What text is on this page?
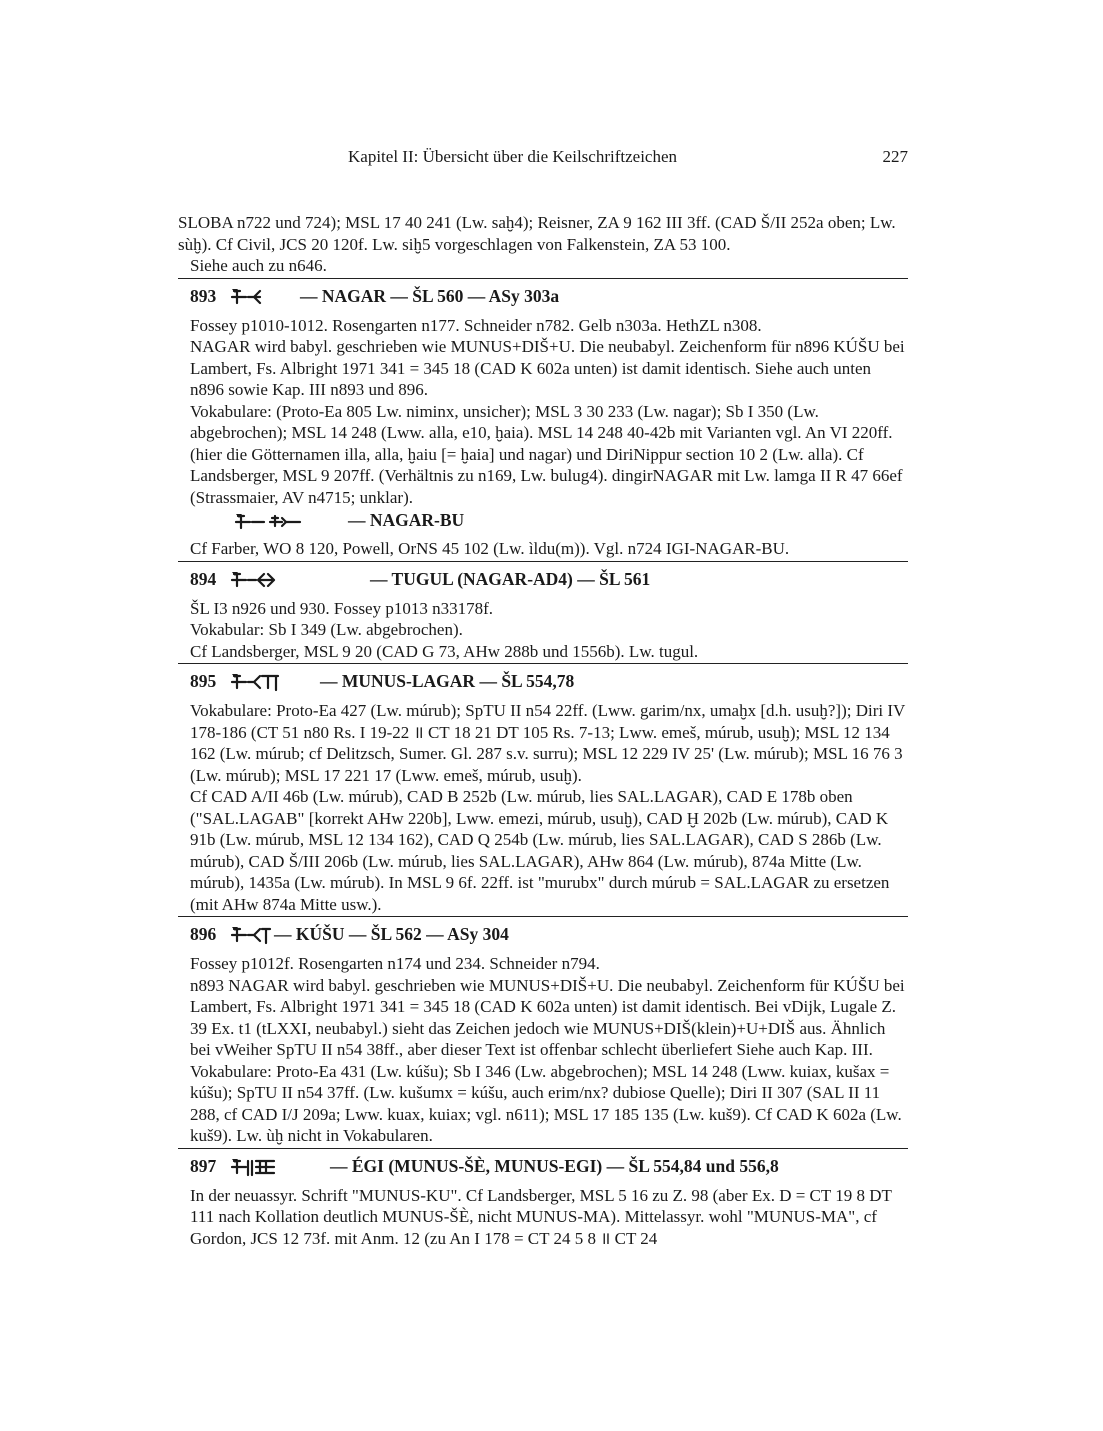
Kapitel II: Übersicht über die Keilschriftzeichen	227

SLOBA n722 und 724); MSL 17 40 241 (Lw. saḫ4); Reisner, ZA 9 162 III 3ff. (CAD Š/II 252a oben; Lw. sùḫ). Cf Civil, JCS 20 120f. Lw. siḫ5 vorgeschlagen von Falkenstein, ZA 53 100.

Siehe auch zu n646.

893	— NAGAR — ŠL 560 — ASy 303a

Fossey p1010-1012. Rosengarten n177. Schneider n782. Gelb n303a. HethZL n308.

NAGAR wird babyl. geschrieben wie MUNUS+DIŠ+U. Die neubabyl. Zeichenform für n896 KÚŠU bei Lambert, Fs. Albright 1971 341 = 345 18 (CAD K 602a unten) ist damit identisch. Siehe auch unten n896 sowie Kap. III n893 und 896.

Vokabulare: (Proto-Ea 805 Lw. niminx, unsicher); MSL 3 30 233 (Lw. nagar); Sb I 350 (Lw. abgebrochen); MSL 14 248 (Lww. alla, e10, ḫaia). MSL 14 248 40-42b mit Varianten vgl. An VI 220ff. (hier die Götternamen illa, alla, ḫaiu [= ḫaia] und nagar) und DiriNippur section 10 2 (Lw. alla). Cf Landsberger, MSL 9 207ff. (Verhältnis zu n169, Lw. bulug4). dingirNAGAR mit Lw. lamga II R 47 66ef (Strassmaier, AV n4715; unklar).

— NAGAR-BU

Cf Farber, WO 8 120, Powell, OrNS 45 102 (Lw. ìldu(m)). Vgl. n724 IGI-NAGAR-BU.

894	— TUGUL (NAGAR-AD4) — ŠL 561

ŠL I3 n926 und 930. Fossey p1013 n33178f.

Vokabular: Sb I 349 (Lw. abgebrochen).

Cf Landsberger, MSL 9 20 (CAD G 73, AHw 288b und 1556b). Lw. tugul.

895	— MUNUS-LAGAR — ŠL 554,78

Vokabulare: Proto-Ea 427 (Lw. múrub); SpTU II n54 22ff. (Lww. garim/nx, umaḫx [d.h. usuḫ?]); Diri IV 178-186 (CT 51 n80 Rs. I 19-22 ॥ CT 18 21 DT 105 Rs. 7-13; Lww. emeš, múrub, usuḫ); MSL 12 134 162 (Lw. múrub; cf Delitzsch, Sumer. Gl. 287 s.v. surru); MSL 12 229 IV 25' (Lw. múrub); MSL 16 76 3 (Lw. múrub); MSL 17 221 17 (Lww. emeš, múrub, usuḫ).

Cf CAD A/II 46b (Lw. múrub), CAD B 252b (Lw. múrub, lies SAL.LAGAR), CAD E 178b oben ("SAL.LAGAB" [korrekt AHw 220b], Lww. emezi, múrub, usuḫ), CAD Ḫ 202b (Lw. múrub), CAD K 91b (Lw. múrub, MSL 12 134 162), CAD Q 254b (Lw. múrub, lies SAL.LAGAR), CAD S 286b (Lw. múrub), CAD Š/III 206b (Lw. múrub, lies SAL.LAGAR), AHw 864 (Lw. múrub), 874a Mitte (Lw. múrub), 1435a (Lw. múrub). In MSL 9 6f. 22ff. ist "murubx" durch múrub = SAL.LAGAR zu ersetzen (mit AHw 874a Mitte usw.).

896	— KÚŠU — ŠL 562 — ASy 304

Fossey p1012f. Rosengarten n174 und 234. Schneider n794.

n893 NAGAR wird babyl. geschrieben wie MUNUS+DIŠ+U. Die neubabyl. Zeichenform für KÚŠU bei Lambert, Fs. Albright 1971 341 = 345 18 (CAD K 602a unten) ist damit identisch. Bei vDijk, Lugale Z. 39 Ex. t1 (tLXXI, neubabyl.) sieht das Zeichen jedoch wie MUNUS+DIŠ(klein)+U+DIŠ aus. Ähnlich bei vWeiher SpTU II n54 38ff., aber dieser Text ist offenbar schlecht überliefert Siehe auch Kap. III.

Vokabulare: Proto-Ea 431 (Lw. kúšu); Sb I 346 (Lw. abgebrochen); MSL 14 248 (Lww. kuiax, kušax = kúšu); SpTU II n54 37ff. (Lw. kušumx = kúšu, auch erim/nx? dubiose Quelle); Diri II 307 (SAL II 11 288, cf CAD I/J 209a; Lww. kuax, kuiax; vgl. n611); MSL 17 185 135 (Lw. kuš9). Cf CAD K 602a (Lw. kuš9). Lw. ùḫ nicht in Vokabularen.

897	— ÉGI (MUNUS-ŠÈ, MUNUS-EGI) — ŠL 554,84 und 556,8

In der neuassyr. Schrift "MUNUS-KU". Cf Landsberger, MSL 5 16 zu Z. 98 (aber Ex. D = CT 19 8 DT 111 nach Kollation deutlich MUNUS-ŠÈ, nicht MUNUS-MA). Mittelassyr. wohl "MUNUS-MA", cf Gordon, JCS 12 73f. mit Anm. 12 (zu An I 178 = CT 24 5 8 ॥ CT 24
